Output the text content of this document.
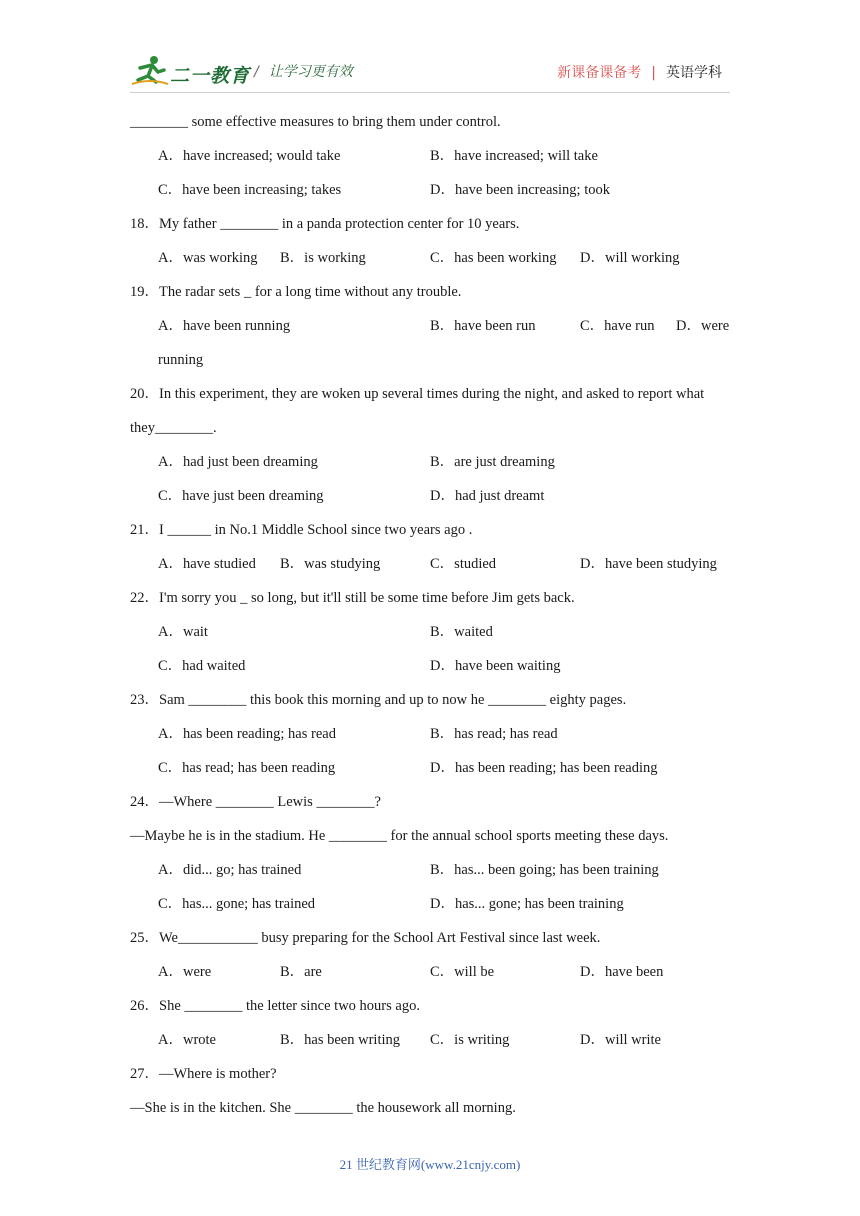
二一教育 / 让学习更有效	新课备课备考 | 英语学科
________ some effective measures to bring them under control.
A．have increased; would take	B．have increased; will take
C．have been increasing; takes	D．have been increasing; took
18．My father ________ in a panda protection center for 10 years.
A．was working B．is working	C．has been working D．will working
19．The radar sets _ for a long time without any trouble.
A．have been running	B．have been run	C．have run D．were
running
20．In this experiment, they are woken up several times during the night, and asked to report what
they________.
A．had just been dreaming	B．are just dreaming
C．have just been dreaming	D．had just dreamt
21．I ______ in No.1 Middle School since two years ago .
A．have studied B．was studying	C．studied	D．have been studying
22．I'm sorry you _ so long, but it'll still be some time before Jim gets back.
A．wait	B．waited
C．had waited	D．have been waiting
23．Sam ________ this book this morning and up to now he ________ eighty pages.
A．has been reading; has read	B．has read; has read
C．has read; has been reading	D．has been reading; has been reading
24．—Where ________ Lewis ________?
—Maybe he is in the stadium. He ________ for the annual school sports meeting these days.
A．did... go; has trained	B．has... been going; has been training
C．has... gone; has trained	D．has... gone; has been training
25．We___________ busy preparing for the School Art Festival since last week.
A．were	B．are	C．will be	D．have been
26．She ________ the letter since two hours ago.
A．wrote	B．has been writing C．is writing	D．will write
27．—Where is mother?
—She is in the kitchen. She ________ the housework all morning.
21 世纪教育网(www.21cnjy.com)
